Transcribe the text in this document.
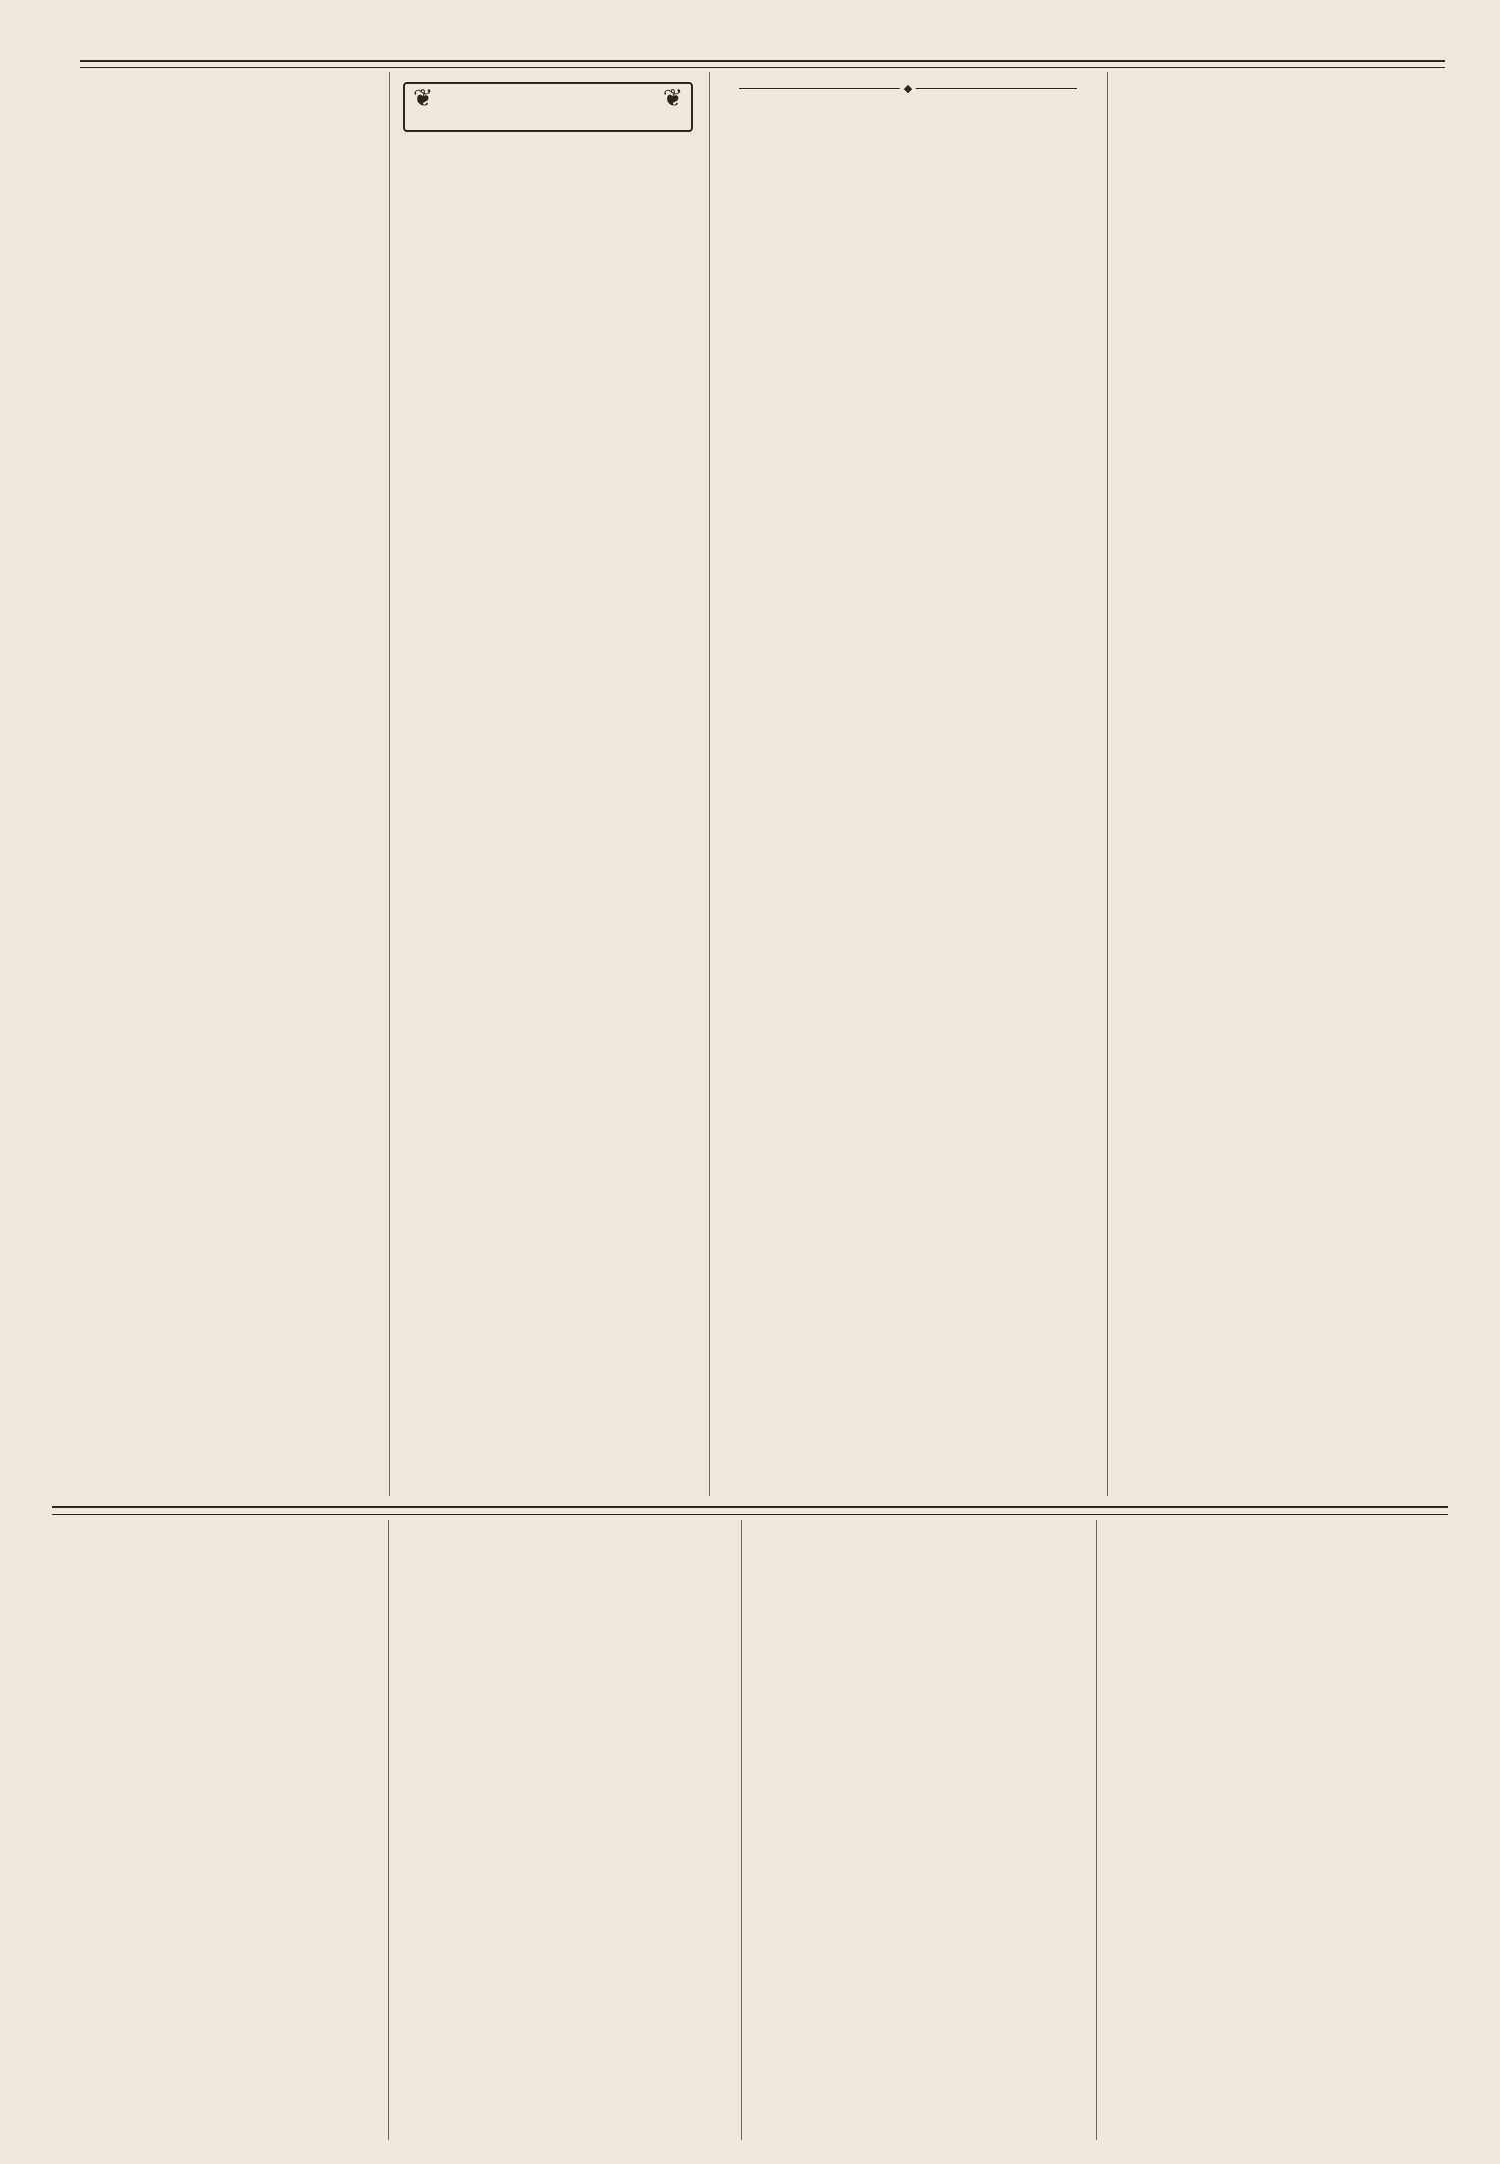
❦	❦	◆
